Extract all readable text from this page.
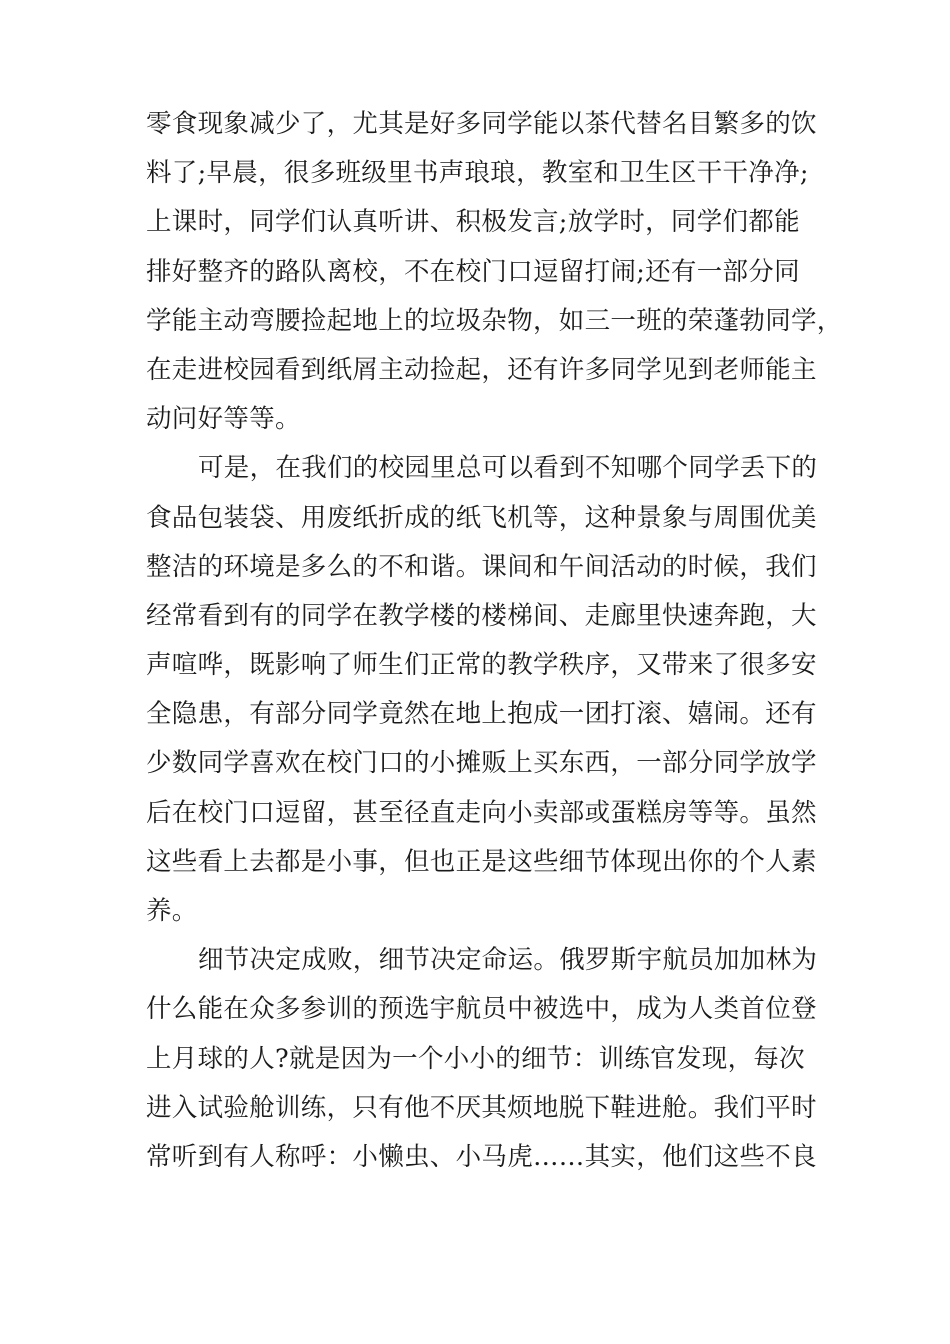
零食现象减少了，尤其是好多同学能以茶代替名目繁多的饮
料了;早晨，很多班级里书声琅琅，教室和卫生区干干净净;
上课时，同学们认真听讲、积极发言;放学时，同学们都能
排好整齐的路队离校，不在校门口逗留打闹;还有一部分同
学能主动弯腰捡起地上的垃圾杂物，如三一班的荣蓬勃同学，
在走进校园看到纸屑主动捡起，还有许多同学见到老师能主
动问好等等。
可是，在我们的校园里总可以看到不知哪个同学丢下的
食品包装袋、用废纸折成的纸飞机等，这种景象与周围优美
整洁的环境是多么的不和谐。课间和午间活动的时候，我们
经常看到有的同学在教学楼的楼梯间、走廊里快速奔跑，大
声喧哗，既影响了师生们正常的教学秩序，又带来了很多安
全隐患，有部分同学竟然在地上抱成一团打滚、嬉闹。还有
少数同学喜欢在校门口的小摊贩上买东西，一部分同学放学
后在校门口逗留，甚至径直走向小卖部或蛋糕房等等。虽然
这些看上去都是小事，但也正是这些细节体现出你的个人素
养。
细节决定成败，细节决定命运。俄罗斯宇航员加加林为
什么能在众多参训的预选宇航员中被选中，成为人类首位登
上月球的人?就是因为一个小小的细节：训练官发现，每次
进入试验舱训练，只有他不厌其烦地脱下鞋进舱。我们平时
常听到有人称呼：小懒虫、小马虎……其实，他们这些不良
